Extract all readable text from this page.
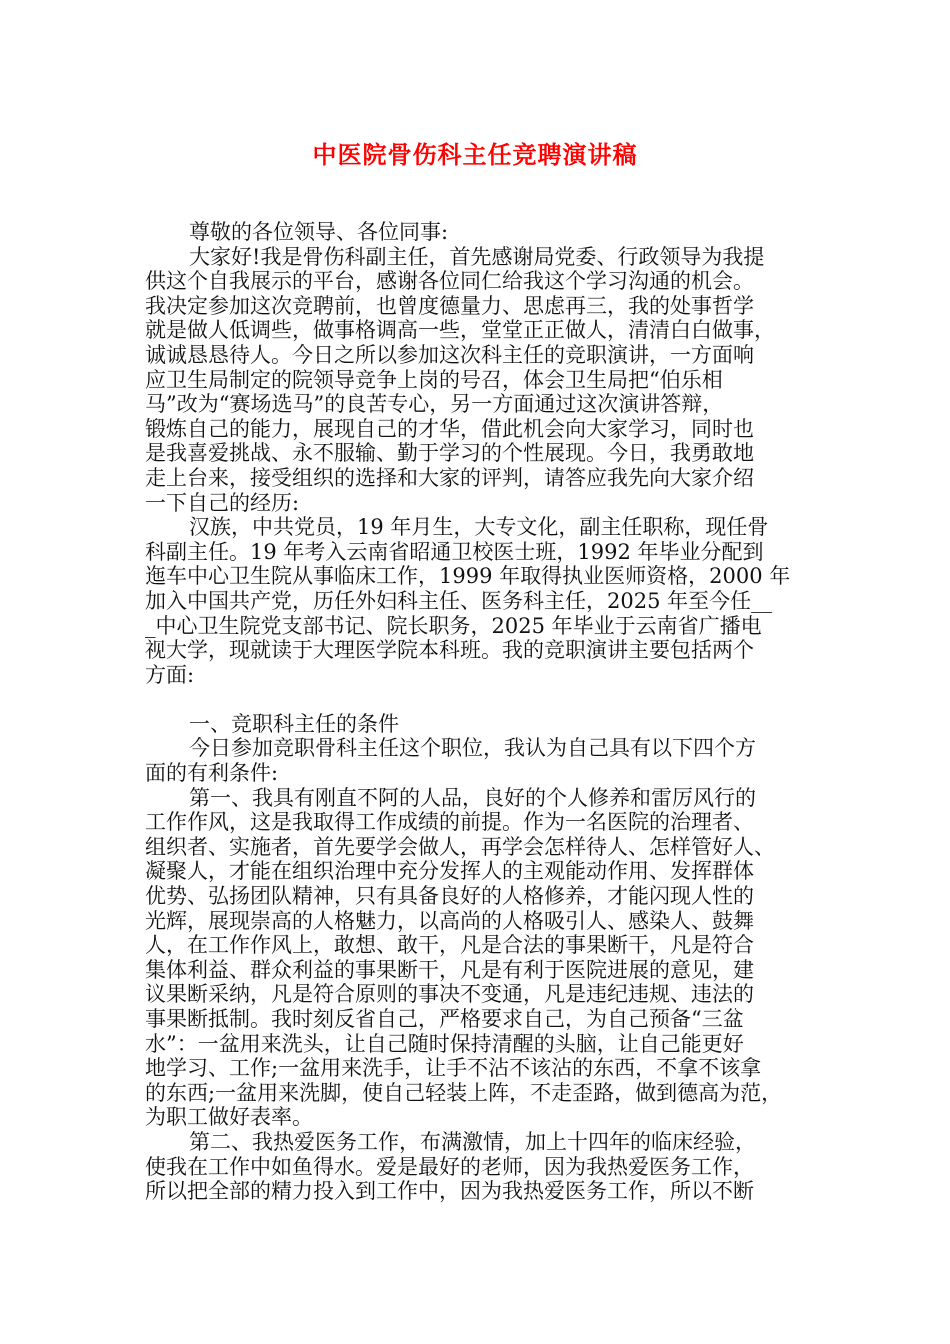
中医院骨伤科主任竞聘演讲稿
尊敬的各位领导、各位同事:
大家好!我是骨伤科副主任，首先感谢局党委、行政领导为我提
供这个自我展示的平台，感谢各位同仁给我这个学习沟通的机会。
我决定参加这次竞聘前，也曾度德量力、思虑再三，我的处事哲学
就是做人低调些，做事格调高一些，堂堂正正做人，清清白白做事，
诚诚恳恳待人。今日之所以参加这次科主任的竞职演讲，一方面响
应卫生局制定的院领导竞争上岗的号召，体会卫生局把“伯乐相
马”改为“赛场选马”的良苦专心，另一方面通过这次演讲答辩，
锻炼自己的能力，展现自己的才华，借此机会向大家学习，同时也
是我喜爱挑战、永不服输、勤于学习的个性展现。今日，我勇敢地
走上台来，接受组织的选择和大家的评判，请答应我先向大家介绍
一下自己的经历:
汉族，中共党员，19 年月生，大专文化，副主任职称，现任骨
科副主任。19 年考入云南省昭通卫校医士班，1992 年毕业分配到
迤车中心卫生院从事临床工作，1999 年取得执业医师资格，2000 年
加入中国共产党，历任外妇科主任、医务科主任，2025 年至今任__
_中心卫生院党支部书记、院长职务，2025 年毕业于云南省广播电
视大学，现就读于大理医学院本科班。我的竞职演讲主要包括两个
方面:
一、竞职科主任的条件
今日参加竞职骨科主任这个职位，我认为自己具有以下四个方
面的有利条件:
第一、我具有刚直不阿的人品，良好的个人修养和雷厉风行的
工作作风，这是我取得工作成绩的前提。作为一名医院的治理者、
组织者、实施者，首先要学会做人，再学会怎样待人、怎样管好人、
凝聚人，才能在组织治理中充分发挥人的主观能动作用、发挥群体
优势、弘扬团队精神，只有具备良好的人格修养，才能闪现人性的
光辉，展现崇高的人格魅力，以高尚的人格吸引人、感染人、鼓舞
人，在工作作风上，敢想、敢干，凡是合法的事果断干，凡是符合
集体利益、群众利益的事果断干，凡是有利于医院进展的意见，建
议果断采纳，凡是符合原则的事决不变通，凡是违纪违规、违法的
事果断抵制。我时刻反省自己，严格要求自己，为自己预备“三盆
水”：一盆用来洗头，让自己随时保持清醒的头脑，让自己能更好
地学习、工作;一盆用来洗手，让手不沾不该沾的东西，不拿不该拿
的东西;一盆用来洗脚，使自己轻装上阵，不走歪路，做到德高为范，
为职工做好表率。
第二、我热爱医务工作，布满激情，加上十四年的临床经验，
使我在工作中如鱼得水。爱是最好的老师，因为我热爱医务工作，
所以把全部的精力投入到工作中，因为我热爱医务工作，所以不断
